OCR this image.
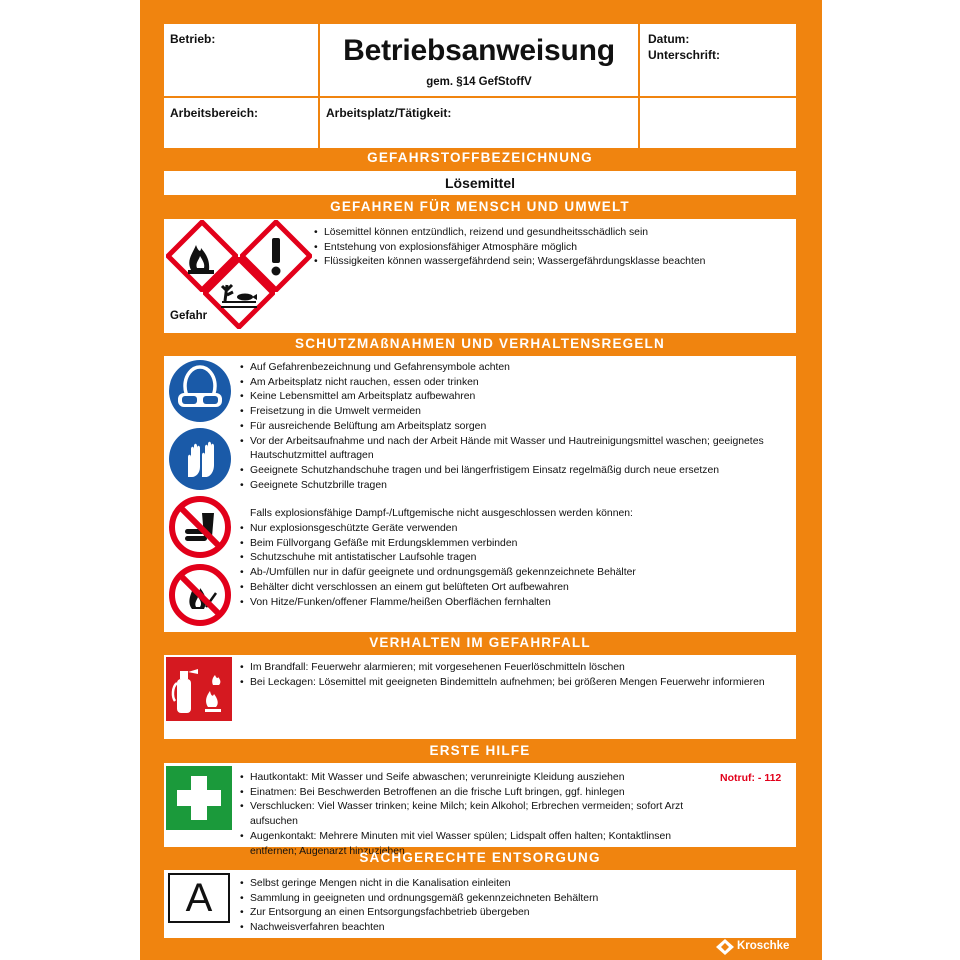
Betrieb:	Betriebsanweisung
gem. §14 GefStoffV
Datum:
Unterschrift:
Arbeitsbereich:	Arbeitsplatz/Tätigkeit:
GEFAHRSTOFFBEZEICHNUNG
Lösemittel
GEFAHREN FÜR MENSCH UND UMWELT
Gefahr
• Lösemittel können entzündlich, reizend und gesundheitsschädlich sein
• Entstehung von explosionsfähiger Atmosphäre möglich
• Flüssigkeiten können wassergefährdend sein; Wassergefährdungsklasse beachten
SCHUTZMAßNAHMEN UND VERHALTENSREGELN
• Auf Gefahrenbezeichnung und Gefahrensymbole achten
• Am Arbeitsplatz nicht rauchen, essen oder trinken
• Keine Lebensmittel am Arbeitsplatz aufbewahren
• Freisetzung in die Umwelt vermeiden
• Für ausreichende Belüftung am Arbeitsplatz sorgen
• Vor der Arbeitsaufnahme und nach der Arbeit Hände mit Wasser und Hautreinigungsmittel waschen; geeignetes Hautschutzmittel auftragen
• Geeignete Schutzhandschuhe tragen und bei längerfristigem Einsatz regelmäßig durch neue ersetzen
• Geeignete Schutzbrille tragen
Falls explosionsfähige Dampf-/Luftgemische nicht ausgeschlossen werden können:
• Nur explosionsgeschützte Geräte verwenden
• Beim Füllvorgang Gefäße mit Erdungsklemmen verbinden
• Schutzschuhe mit antistatischer Laufsohle tragen
• Ab-/Umfüllen nur in dafür geeignete und ordnungsgemäß gekennzeichnete Behälter
• Behälter dicht verschlossen an einem gut belüfteten Ort aufbewahren
• Von Hitze/Funken/offener Flamme/heißen Oberflächen fernhalten
VERHALTEN IM GEFAHRFALL
• Im Brandfall: Feuerwehr alarmieren; mit vorgesehenen Feuerlöschmitteln löschen
• Bei Leckagen: Lösemittel mit geeigneten Bindemitteln aufnehmen; bei größeren Mengen Feuerwehr informieren
ERSTE HILFE
Notruf: - 112
• Hautkontakt: Mit Wasser und Seife abwaschen; verunreinigte Kleidung ausziehen
• Einatmen: Bei Beschwerden Betroffenen an die frische Luft bringen, ggf. hinlegen
• Verschlucken: Viel Wasser trinken; keine Milch; kein Alkohol; Erbrechen vermeiden; sofort Arzt aufsuchen
• Augenkontakt: Mehrere Minuten mit viel Wasser spülen; Lidspalt offen halten; Kontaktlinsen entfernen; Augenarzt hinzuziehen
SACHGERECHTE ENTSORGUNG
A
•	Selbst geringe Mengen nicht in die Kanalisation einleiten
• Sammlung in geeigneten und ordnungsgemäß gekennzeichneten Behältern
• Zur Entsorgung an einen Entsorgungsfachbetrieb übergeben
• Nachweisverfahren beachten
Kroschke
